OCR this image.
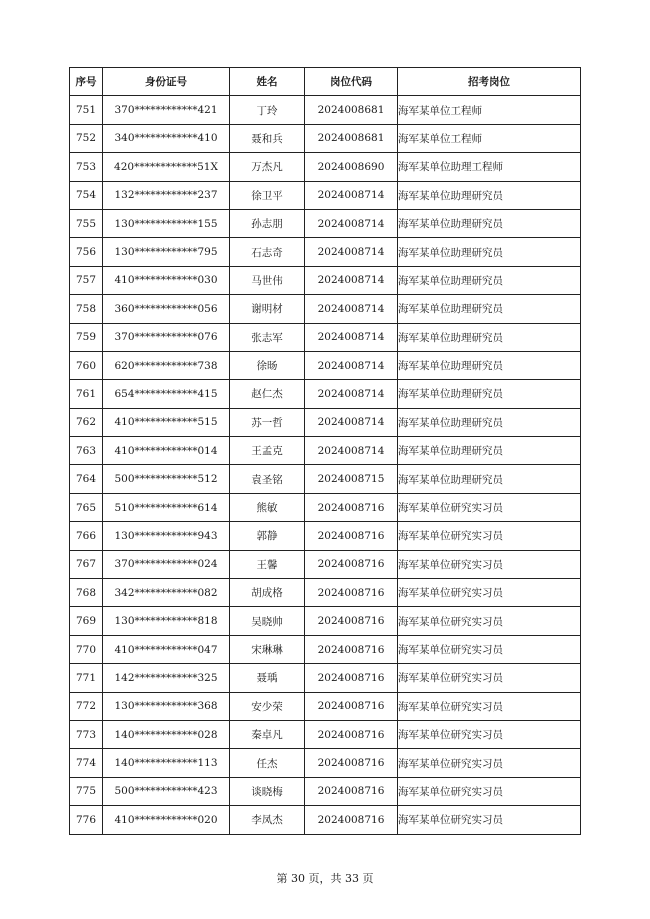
序号	身份证号	姓名	岗位代码	招考岗位
751	370************421	丁玲	2024008681	海军某单位工程师
752	340************410	聂和兵	2024008681	海军某单位工程师
753	420************51X	万杰凡	2024008690	海军某单位助理工程师
754	132************237	徐卫平	2024008714	海军某单位助理研究员
755	130************155	孙志朋	2024008714	海军某单位助理研究员
756	130************795	石志奇	2024008714	海军某单位助理研究员
757	410************030	马世伟	2024008714	海军某单位助理研究员
758	360************056	谢明材	2024008714	海军某单位助理研究员
759	370************076	张志军	2024008714	海军某单位助理研究员
760	620************738	徐旸	2024008714	海军某单位助理研究员
761	654************415	赵仁杰	2024008714	海军某单位助理研究员
762	410************515	苏一哲	2024008714	海军某单位助理研究员
763	410************014	王孟克	2024008714	海军某单位助理研究员
764	500************512	袁圣铭	2024008715	海军某单位助理研究员
765	510************614	熊敏	2024008716	海军某单位研究实习员
766	130************943	郭静	2024008716	海军某单位研究实习员
767	370************024	王馨	2024008716	海军某单位研究实习员
768	342************082	胡成格	2024008716	海军某单位研究实习员
769	130************818	吴晓帅	2024008716	海军某单位研究实习员
770	410************047	宋琳琳	2024008716	海军某单位研究实习员
771	142************325	聂瑀	2024008716	海军某单位研究实习员
772	130************368	安少荣	2024008716	海军某单位研究实习员
773	140************028	秦卓凡	2024008716	海军某单位研究实习员
774	140************113	任杰	2024008716	海军某单位研究实习员
775	500************423	谈晓梅	2024008716	海军某单位研究实习员
776	410************020	李凤杰	2024008716	海军某单位研究实习员
第 30 页，共 33 页
